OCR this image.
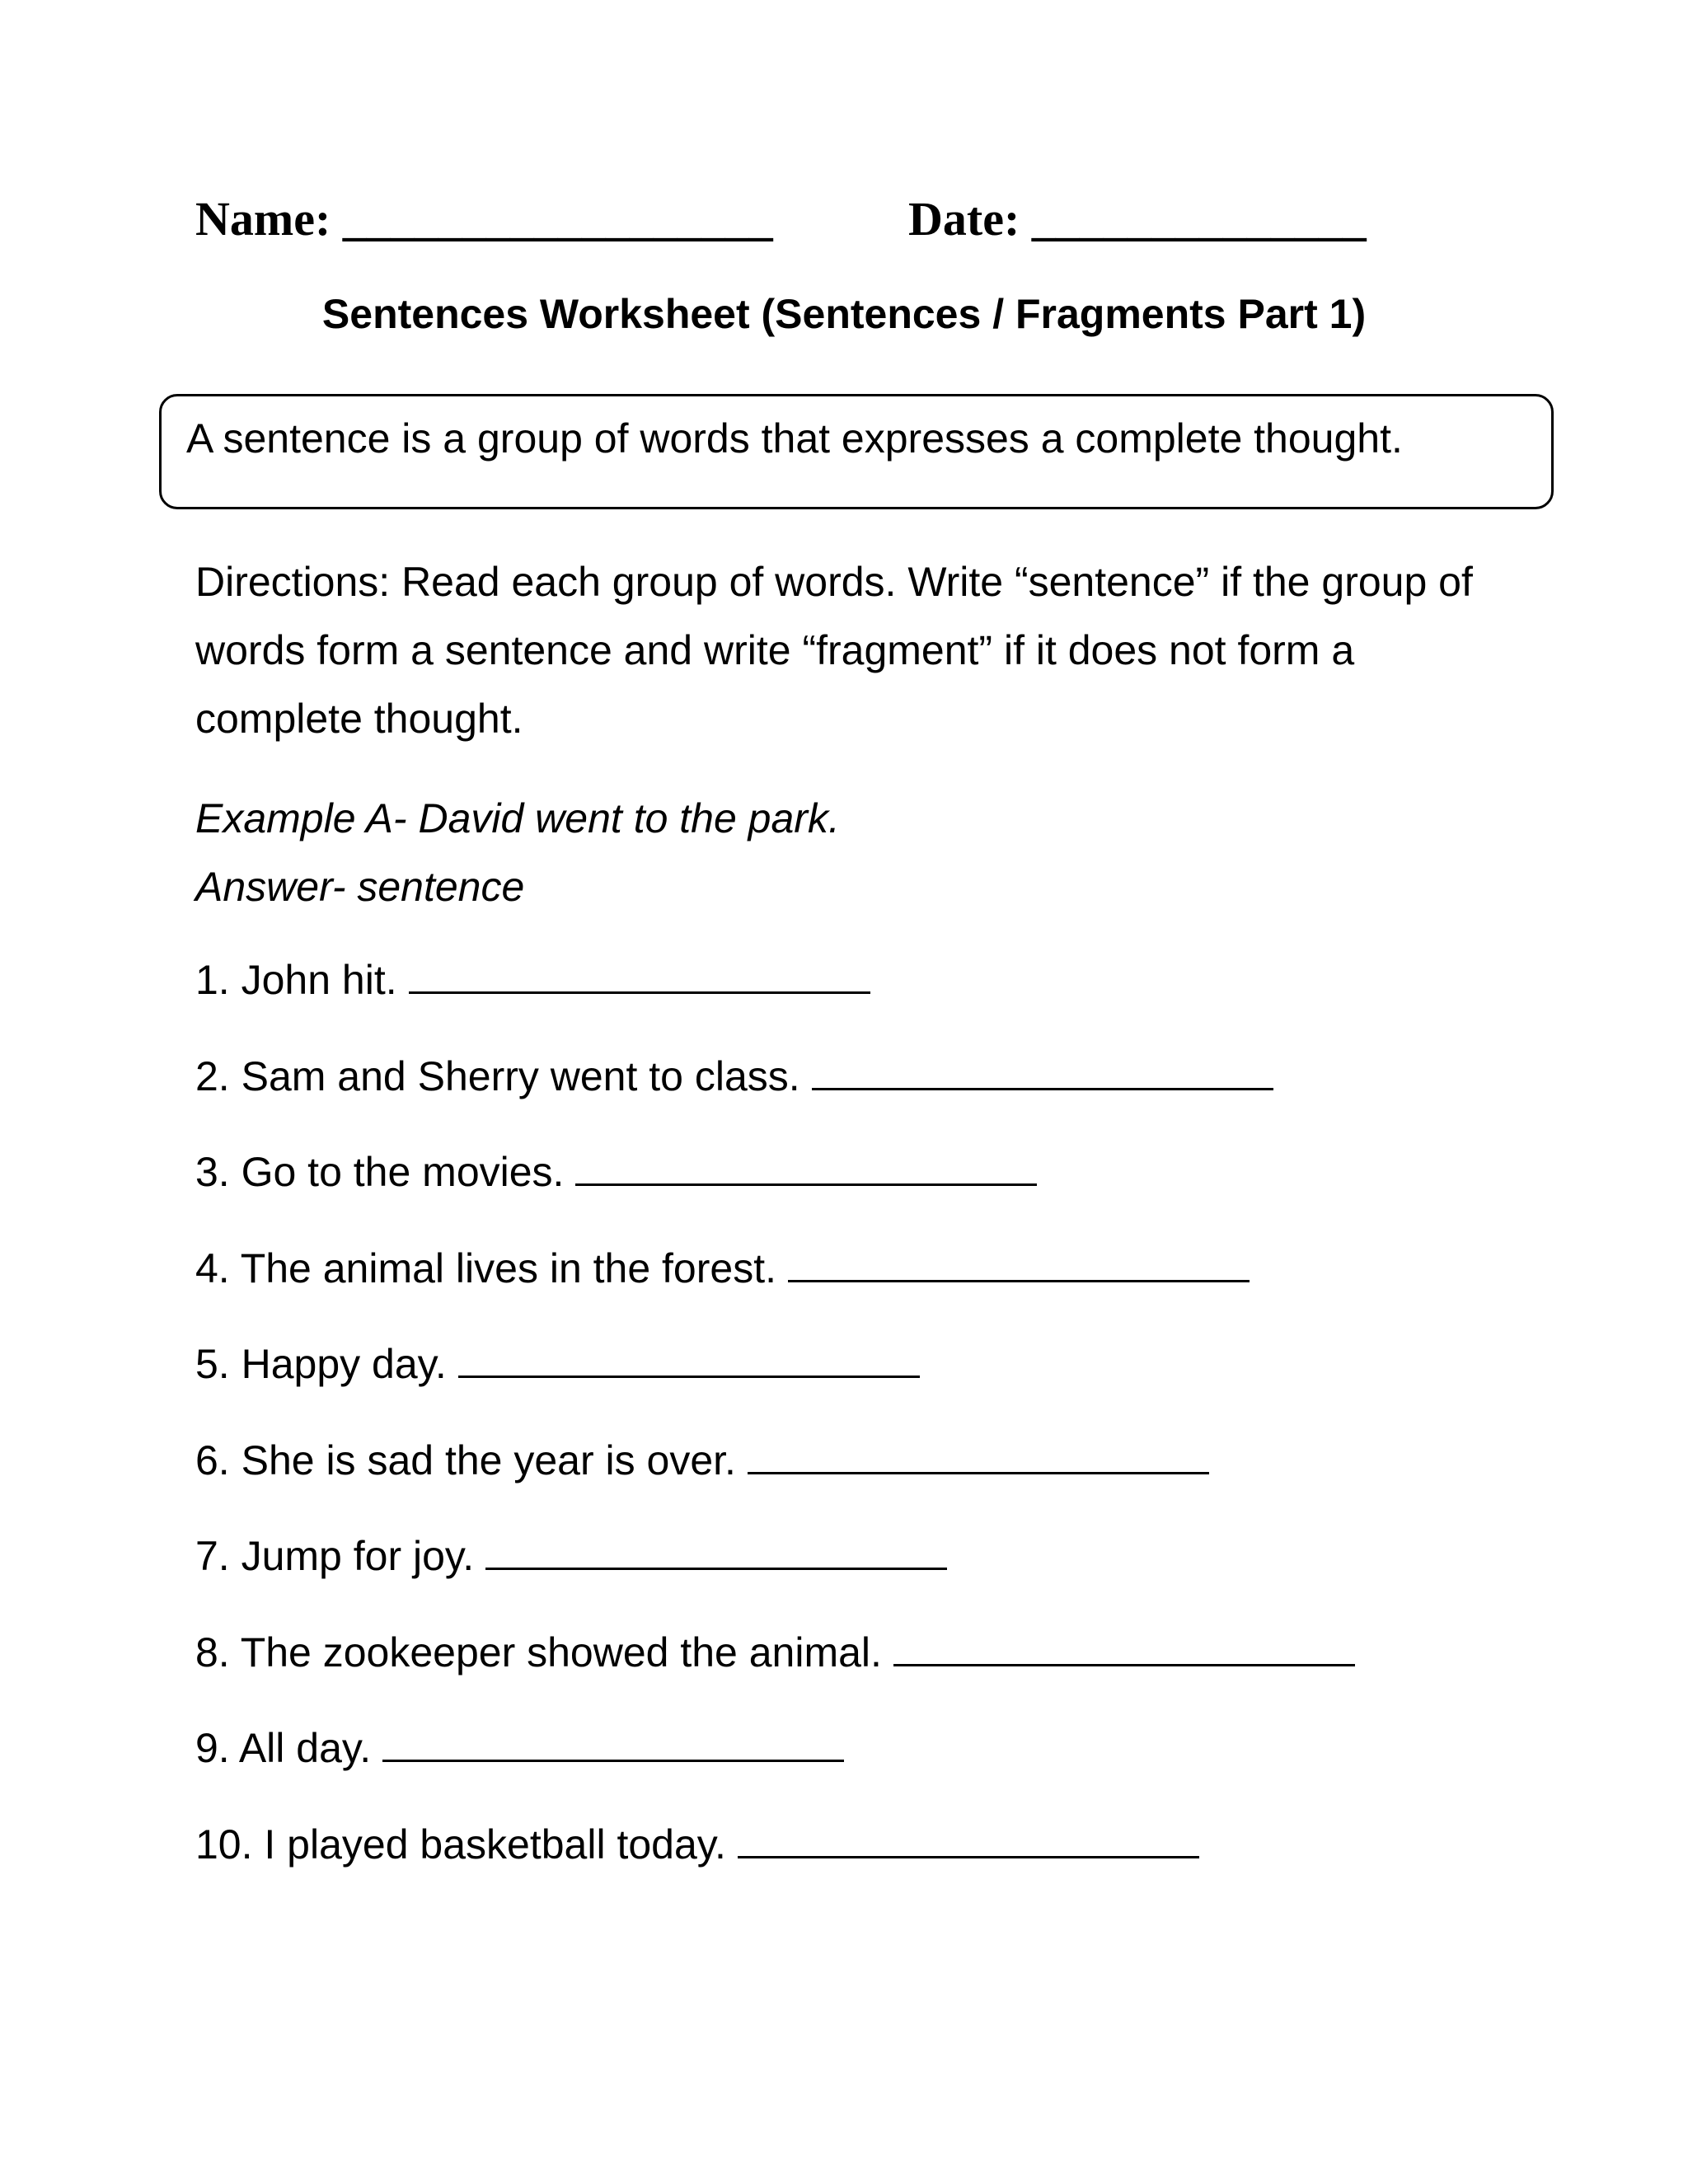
Name: __________________	Date: ______________
Sentences Worksheet (Sentences / Fragments Part 1)
A sentence is a group of words that expresses a complete thought.
Directions: Read each group of words. Write “sentence” if the group of words form a sentence and write “fragment” if it does not form a complete thought.
Example A- David went to the park.
Answer- sentence
1. John hit.
2. Sam and Sherry went to class.
3. Go to the movies.
4. The animal lives in the forest.
5. Happy day.
6. She is sad the year is over.
7. Jump for joy.
8. The zookeeper showed the animal.
9. All day.
10. I played basketball today.
